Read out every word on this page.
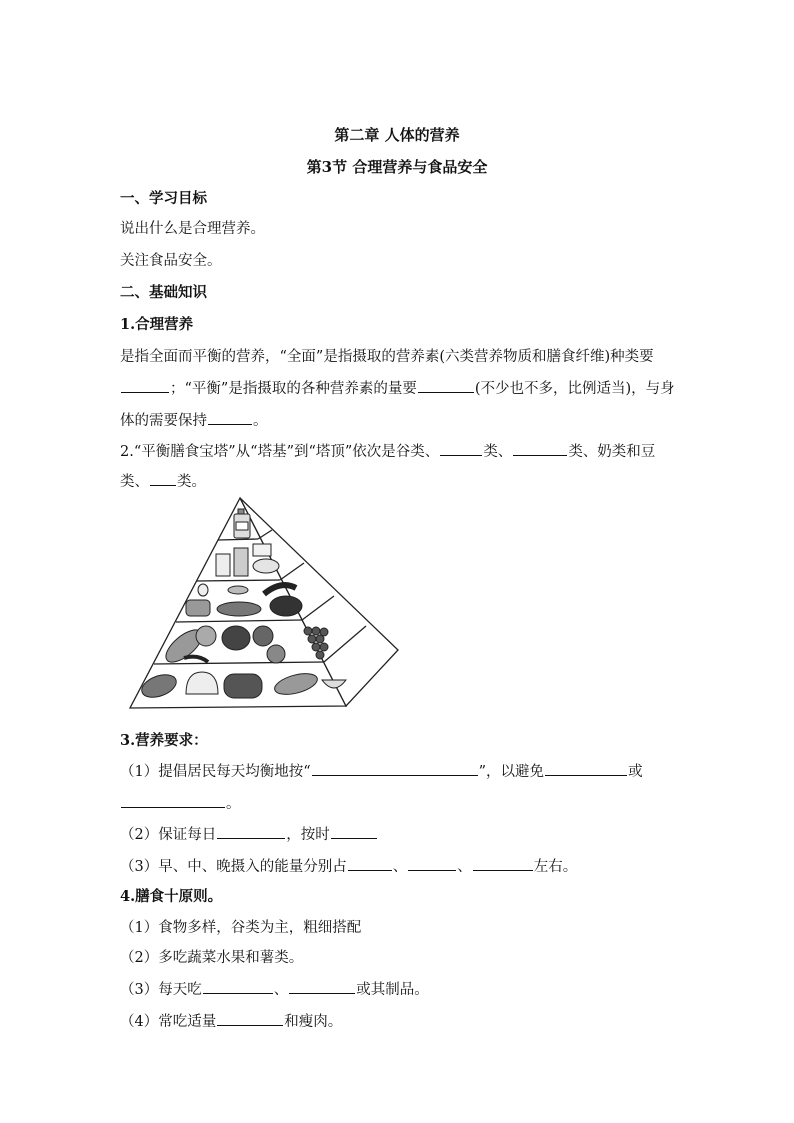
第二章 人体的营养
第3节 合理营养与食品安全
一、学习目标
说出什么是合理营养。
关注食品安全。
二、基础知识
1.合理营养
是指全面而平衡的营养，“全面”是指摄取的营养素(六类营养物质和膳食纤维)种类要
；“平衡”是指摄取的各种营养素的量要	(不少也不多，比例适当)，与身
体的需要保持	。
2.“平衡膳食宝塔”从“塔基”到“塔顶”依次是谷类、	类、	类、奶类和豆
类、 类。
3.营养要求：
（1）提倡居民每天均衡地按“	”，以避免	或
。
（2）保证每日	，按时
（3）早、中、晚摄入的能量分别占	、	、	左右。
4.膳食十原则。
（1）食物多样，谷类为主，粗细搭配
（2）多吃蔬菜水果和薯类。
（3）每天吃	、	或其制品。
（4）常吃适量	和瘦肉。
